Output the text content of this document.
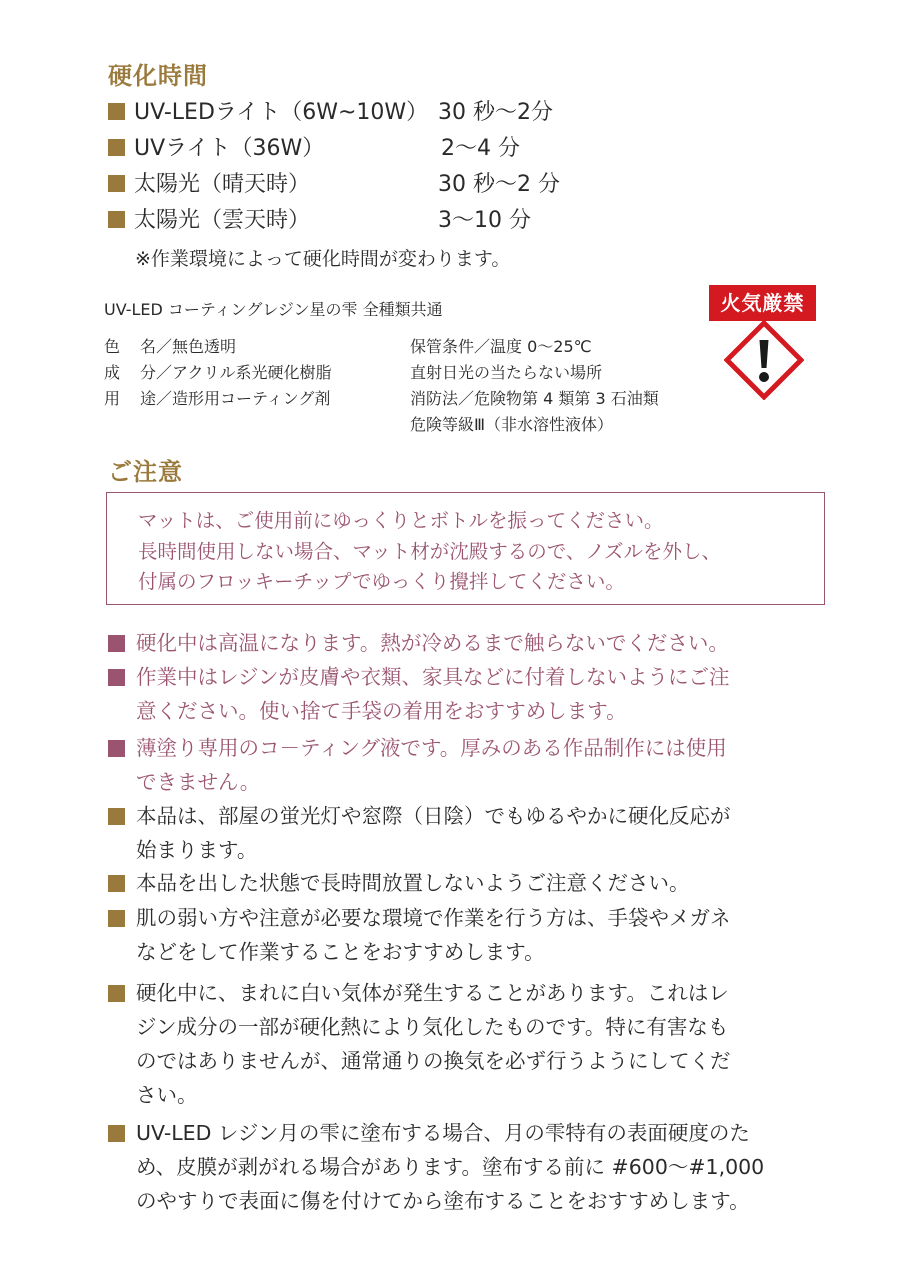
硬化時間
UV-LEDライト（6W~10W） 30 秒～2分
UVライト（36W）	2～4 分
太陽光（晴天時）	30 秒～2 分
太陽光（雲天時）	3～10 分
※作業環境によって硬化時間が変わります。
UV-LED コーティングレジン星の雫 全種類共通
色 名／無色透明
成 分／アクリル系光硬化樹脂
用 途／造形用コーティング剤
保管条件／温度 0～25℃
直射日光の当たらない場所
消防法／危険物第 4 類第 3 石油類
危険等級Ⅲ（非水溶性液体）
火気厳禁
ご注意
マットは、ご使用前にゆっくりとボトルを振ってください。
長時間使用しない場合、マット材が沈殿するので、ノズルを外し、
付属のフロッキーチップでゆっくり攪拌してください。
硬化中は高温になります。熱が冷めるまで触らないでください。
作業中はレジンが皮膚や衣類、家具などに付着しないようにご注
意ください。使い捨て手袋の着用をおすすめします。
薄塗り専用のコ－ティング液です。厚みのある作品制作には使用
できません。
本品は、部屋の蛍光灯や窓際（日陰）でもゆるやかに硬化反応が
始まります。
本品を出した状態で長時間放置しないようご注意ください。
肌の弱い方や注意が必要な環境で作業を行う方は、手袋やメガネ
などをして作業することをおすすめします。
硬化中に、まれに白い気体が発生することがあります。これはレ
ジン成分の一部が硬化熱により気化したものです。特に有害なも
のではありませんが、通常通りの換気を必ず行うようにしてくだ
さい。
UV-LED レジン月の雫に塗布する場合、月の雫特有の表面硬度のた
め、皮膜が剥がれる場合があります。塗布する前に #600～#1,000
のやすりで表面に傷を付けてから塗布することをおすすめします。
